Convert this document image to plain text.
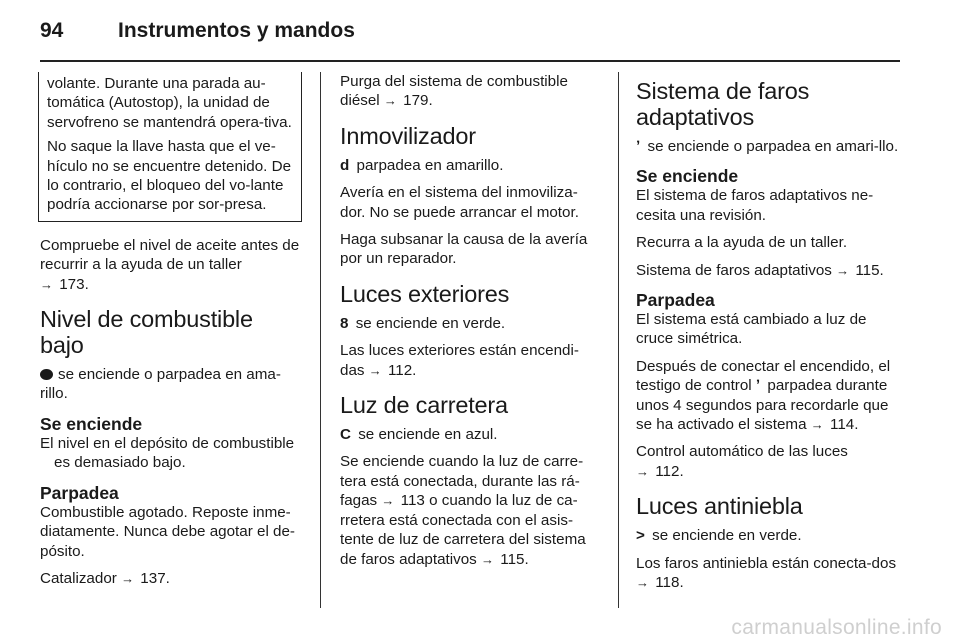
94	Instrumentos y mandos

volante. Durante una parada au-tomática (Autostop), la unidad de servofreno se mantendrá opera-tiva.

No saque la llave hasta que el ve-hículo no se encuentre detenido. De lo contrario, el bloqueo del vo-lante podría accionarse por sor-presa.

Compruebe el nivel de aceite antes de recurrir a la ayuda de un taller
→ 173.

Nivel de combustible bajo

se enciende o parpadea en ama-rillo.

Se enciende

El nivel en el depósito de combustible es demasiado bajo.

Parpadea

Combustible agotado. Reposte inme-diatamente. Nunca debe agotar el de-pósito.

Catalizador → 137.

Purga del sistema de combustible diésel → 179.

Inmovilizador

d parpadea en amarillo.

Avería en el sistema del inmoviliza-dor. No se puede arrancar el motor.

Haga subsanar la causa de la avería por un reparador.

Luces exteriores

8 se enciende en verde.

Las luces exteriores están encendi-das → 112.

Luz de carretera

C se enciende en azul.

Se enciende cuando la luz de carre-tera está conectada, durante las rá-fagas → 113 o cuando la luz de ca-rretera está conectada con el asis-tente de luz de carretera del sistema de faros adaptativos → 115.

Sistema de faros adaptativos

ʼ se enciende o parpadea en amari-llo.

Se enciende

El sistema de faros adaptativos ne-cesita una revisión.

Recurra a la ayuda de un taller.

Sistema de faros adaptativos → 115.

Parpadea

El sistema está cambiado a luz de cruce simétrica.

Después de conectar el encendido, el testigo de control ʼ parpadea durante unos 4 segundos para recordarle que se ha activado el sistema → 114.

Control automático de las luces
→ 112.

Luces antiniebla

> se enciende en verde.

Los faros antiniebla están conecta-dos → 118.

carmanualsonline.info
